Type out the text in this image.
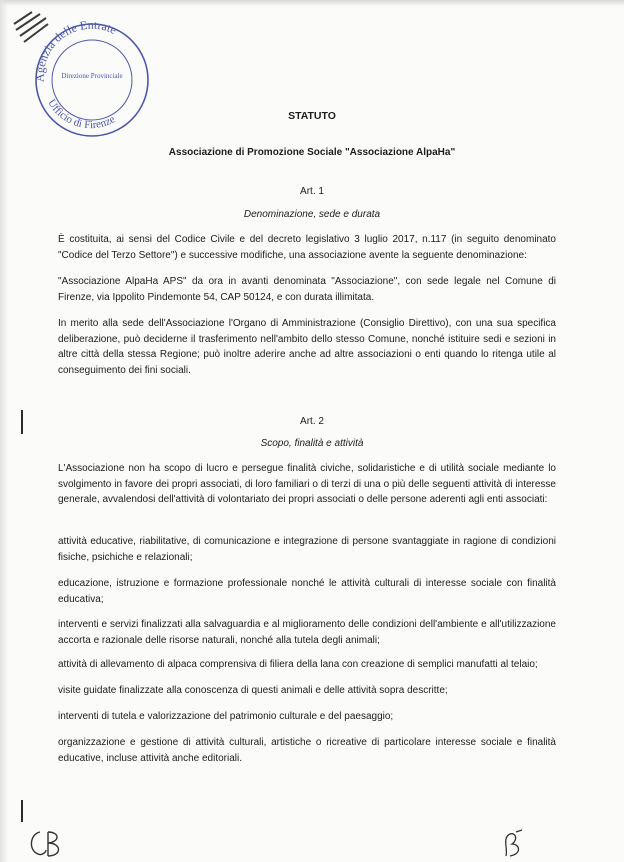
Agenzia delle Entrate
Ufficio di Firenze
Direzione Provinciale
STATUTO
Associazione di Promozione Sociale "Associazione AlpaHa"
Art. 1
Denominazione, sede e durata

È costituita, ai sensi del Codice Civile e del decreto legislativo 3 luglio 2017, n.117 (in seguito denominato "Codice del Terzo Settore") e successive modifiche, una associazione avente la seguente denominazione:

"Associazione AlpaHa APS" da ora in avanti denominata "Associazione", con sede legale nel Comune di Firenze, via Ippolito Pindemonte 54, CAP 50124, e con durata illimitata.

In merito alla sede dell'Associazione l'Organo di Amministrazione (Consiglio Direttivo), con una sua specifica deliberazione, può deciderne il trasferimento nell'ambito dello stesso Comune, nonché istituire sedi e sezioni in altre città della stessa Regione; può inoltre aderire anche ad altre associazioni o enti quando lo ritenga utile al conseguimento dei fini sociali.

Art. 2
Scopo, finalità e attività

L'Associazione non ha scopo di lucro e persegue finalità civiche, solidaristiche e di utilità sociale mediante lo svolgimento in favore dei propri associati, di loro familiari o di terzi di una o più delle seguenti attività di interesse generale, avvalendosi dell'attività di volontariato dei propri associati o delle persone aderenti agli enti associati:

attività educative, riabilitative, di comunicazione e integrazione di persone svantaggiate in ragione di condizioni fisiche, psichiche e relazionali;

educazione, istruzione e formazione professionale nonché le attività culturali di interesse sociale con finalità educativa;

interventi e servizi finalizzati alla salvaguardia e al miglioramento delle condizioni dell'ambiente e all'utilizzazione accorta e razionale delle risorse naturali, nonché alla tutela degli animali;

attività di allevamento di alpaca comprensiva di filiera della lana con creazione di semplici manufatti al telaio;

visite guidate finalizzate alla conoscenza di questi animali e delle attività sopra descritte;

interventi di tutela e valorizzazione del patrimonio culturale e del paesaggio;

organizzazione e gestione di attività culturali, artistiche o ricreative di particolare interesse sociale e finalità educative, incluse attività anche editoriali.
